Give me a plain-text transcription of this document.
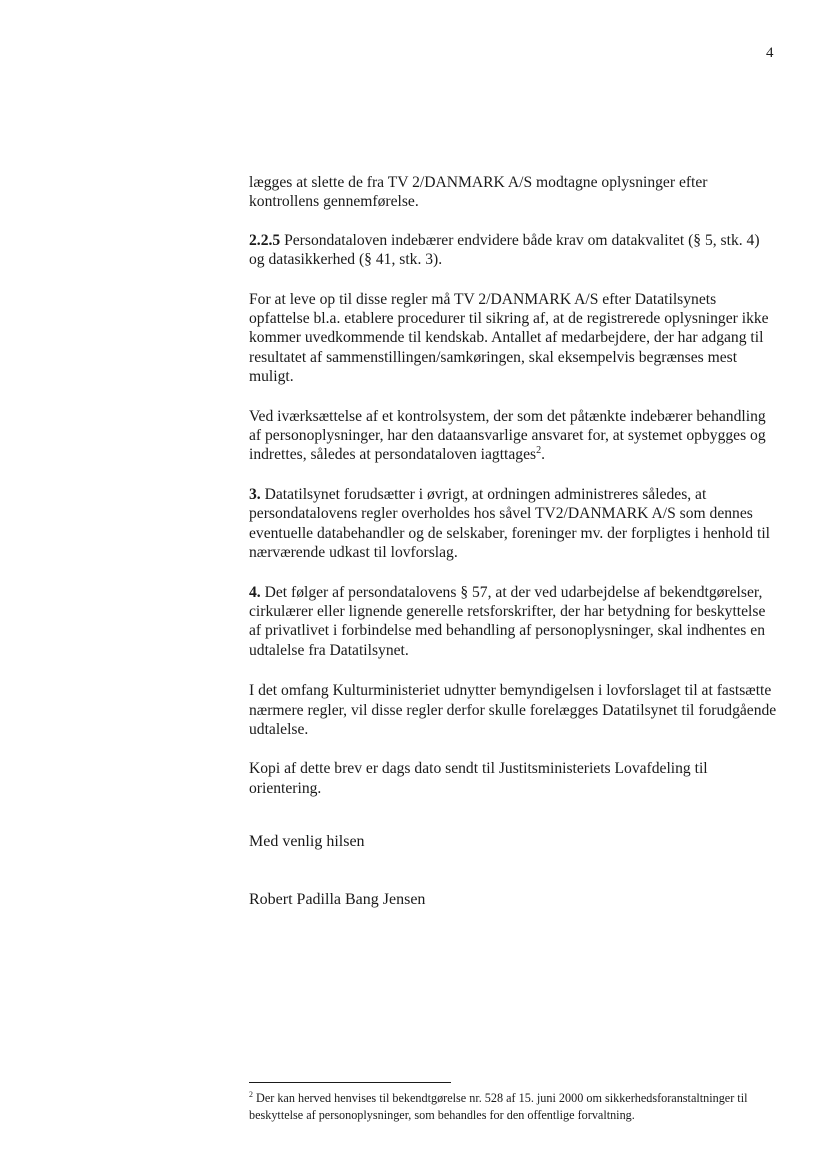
4

lægges at slette de fra TV 2/DANMARK A/S modtagne oplysninger efter kontrollens gennemførelse.

2.2.5 Persondataloven indebærer endvidere både krav om datakvalitet (§ 5, stk. 4) og datasikkerhed (§ 41, stk. 3).

For at leve op til disse regler må TV 2/DANMARK A/S efter Datatilsynets opfattelse bl.a. etablere procedurer til sikring af, at de registrerede oplysninger ikke kommer uvedkommende til kendskab. Antallet af medarbejdere, der har adgang til resultatet af sammenstillingen/samkøringen, skal eksempelvis begrænses mest muligt.

Ved iværksættelse af et kontrolsystem, der som det påtænkte indebærer behandling af personoplysninger, har den dataansvarlige ansvaret for, at systemet opbygges og indrettes, således at persondataloven iagttages$^2$.

3. Datatilsynet forudsætter i øvrigt, at ordningen administreres således, at persondatalovens regler overholdes hos såvel TV2/DANMARK A/S som dennes eventuelle databehandler og de selskaber, foreninger mv. der forpligtes i henhold til nærværende udkast til lovforslag.

4. Det følger af persondatalovens § 57, at der ved udarbejdelse af bekendtgørelser, cirkulærer eller lignende generelle retsforskrifter, der har betydning for beskyttelse af privatlivet i forbindelse med behandling af personoplysninger, skal indhentes en udtalelse fra Datatilsynet.

I det omfang Kulturministeriet udnytter bemyndigelsen i lovforslaget til at fastsætte nærmere regler, vil disse regler derfor skulle forelægges Datatilsynet til forudgående udtalelse.

Kopi af dette brev er dags dato sendt til Justitsministeriets Lovafdeling til orientering.

Med venlig hilsen
Robert Padilla Bang Jensen
$^2$ Der kan herved henvises til bekendtgørelse nr. 528 af 15. juni 2000 om sikkerhedsforanstaltninger til beskyttelse af personoplysninger, som behandles for den offentlige forvaltning.
